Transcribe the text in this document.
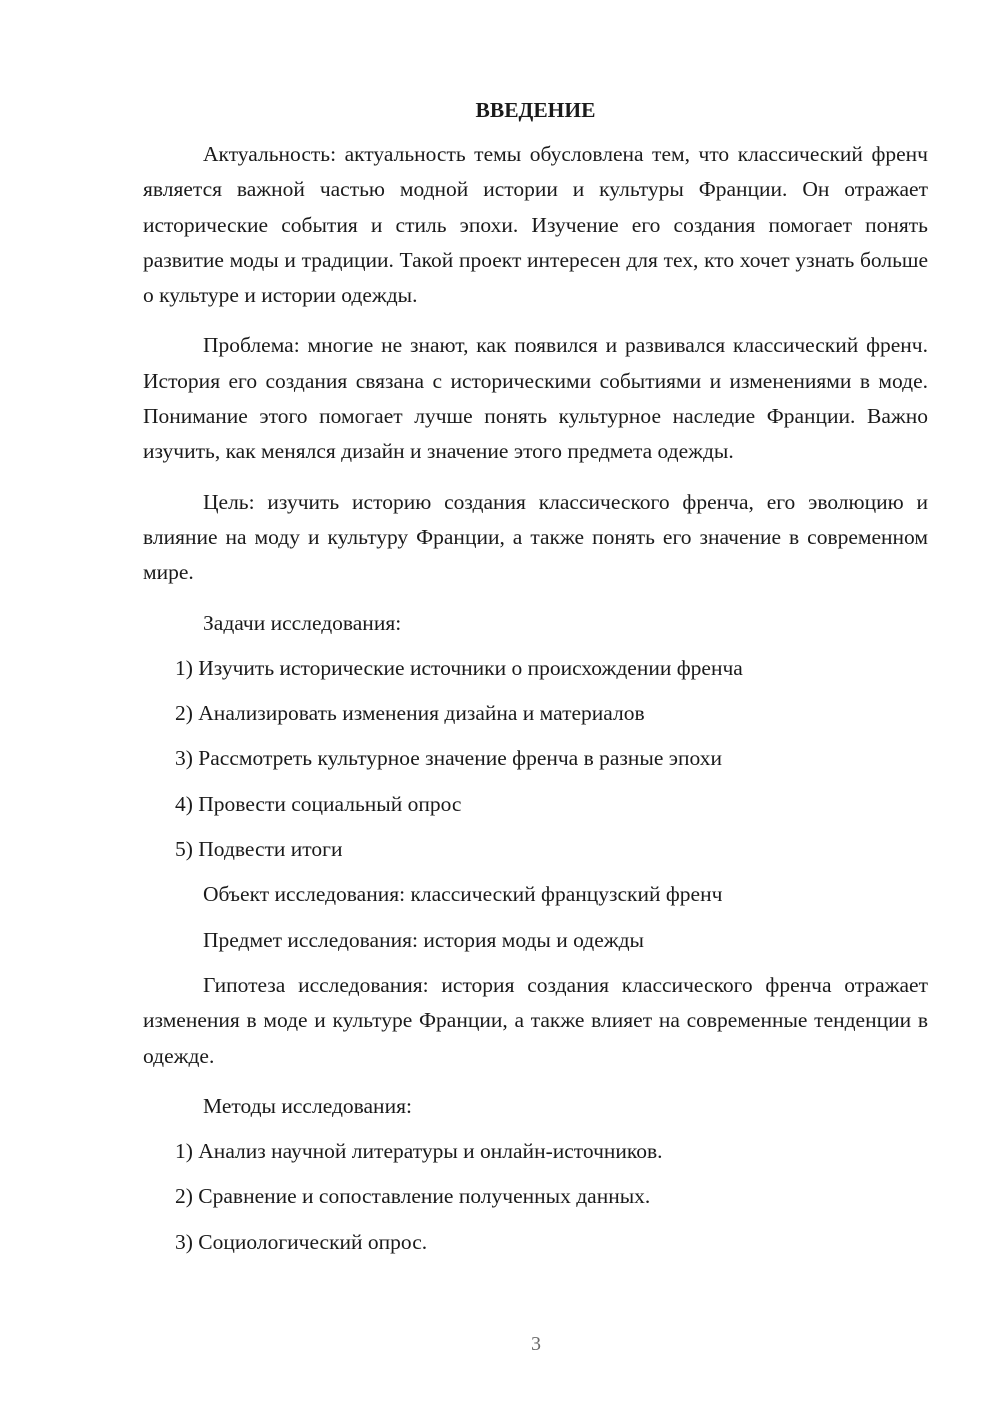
ВВЕДЕНИЕ

Актуальность: актуальность темы обусловлена тем, что классический френч является важной частью модной истории и культуры Франции. Он отражает исторические события и стиль эпохи. Изучение его создания помогает понять развитие моды и традиции. Такой проект интересен для тех, кто хочет узнать больше о культуре и истории одежды.

Проблема: многие не знают, как появился и развивался классический френч. История его создания связана с историческими событиями и изменениями в моде. Понимание этого помогает лучше понять культурное наследие Франции. Важно изучить, как менялся дизайн и значение этого предмета одежды.

Цель: изучить историю создания классического френча, его эволюцию и влияние на моду и культуру Франции, а также понять его значение в современном мире.

Задачи исследования:
1) Изучить исторические источники о происхождении френча
2) Анализировать изменения дизайна и материалов
3) Рассмотреть культурное значение френча в разные эпохи
4) Провести социальный опрос
5) Подвести итоги

Объект исследования: классический французский френч

Предмет исследования: история моды и одежды

Гипотеза исследования: история создания классического френча отражает изменения в моде и культуре Франции, а также влияет на современные тенденции в одежде.

Методы исследования:
1) Анализ научной литературы и онлайн-источников.
2) Сравнение и сопоставление полученных данных.
3) Социологический опрос.
3
